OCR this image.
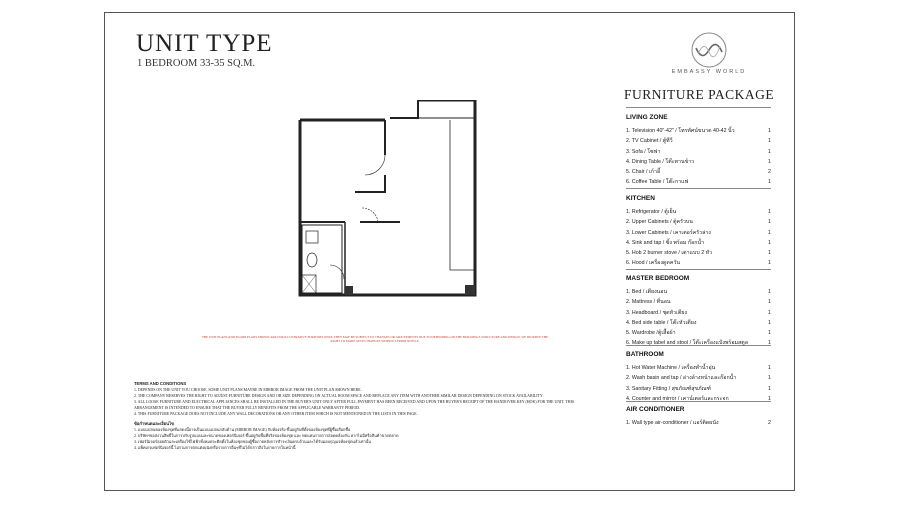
UNIT TYPE
1 BEDROOM 33-35 SQ.M.
EMBASSY WORLD
FURNITURE PACKAGE
LIVING ZONE
1. Television 40"-42" / โทรทัศน์ขนาด 40-42 นิ้ว	1
2. TV Cabinet / ตู้ทีวี	1
3. Sofa / โซฟา	1
4. Dining Table / โต๊ะทานข้าว	1
5. Chair / เก้าอี้	2
6. Coffee Table / โต๊ะกาแฟ	1
KITCHEN
1. Refrigerator / ตู้เย็น	1
2. Upper Cabinets / ตู้ครัวบน	1
3. Lower Cabinets / เคาเตอร์ครัวล่าง	1
4. Sink and tap / ซิ้ง พร้อม ก๊อกน้ำ	1
5. Hob 2 burner stove / เตาแบบ 2 หัว	1
6. Hood / เครื่องดูดควัน	1
MASTER BEDROOM
1. Bed / เตียงนอน	1
2. Mattress / ที่นอน	1
3. Headboard / ชุดหัวเตียง	1
4. Bed side table / โต๊ะหัวเตียง	1
5. Wardrobe /ตู้เสื้อผ้า	1
6. Make up tabel and stool / โต๊ะเครื่องแป้งพร้อมสตูล	1
BATHROOM
1. Hot Water Machine / เครื่องทำน้ำอุ่น	1
2. Wash basin and tap / อ่างล้างหน้าและก๊อกน้ำ	1
3. Sanitary Fitting / สุขภัณฑ์สุขภัณฑ์	1
4. Counter and mirror / เคาน์เตอร์และกระจก	1
AIR CONDITIONER
1. Wall type air-conditioner / แอร์ติดผนัง	2
THE UNIT PLANS AND FLOOR PLANS SHOWN ARE FOR ILLUSTRATIVE PURPOSES ONLY. THEY MAY BE SUBJECT TO CHANGES OR ADJUSTMENTS DUE TO DEPENDING ON THE BUILDING'S STRUCTURE AND DESIGN. WE RESERVE THE RIGHT TO MAKE SUCH CHANGES WITHOUT PRIOR NOTICE.
TERMS AND CONDITIONS
1. DEPENDS ON THE UNIT YOU CHOOSE, SOME UNIT PLANS MAYBE IN MIRROR IMAGE FROM THE UNIT PLAN SHOWN HERE.
2. THE COMPANY RESERVES THE RIGHT TO ADJUST FURNITURE DESIGN AND OR SIZE DEPENDING ON ACTUAL ROOM SPACE AND REPLACE ANY ITEM WITH ANOTHER SIMILAR DESIGN DEPENDING ON STOCK AVAILABILITY.
3. ALL LOOSE FURNITURE AND ELECTRICAL APPLIANCES SHALL BE INSTALLED IN THE BUYER'S UNIT ONLY AFTER FULL PAYMENT HAS BEEN RECEIVED AND UPON THE BUYER'S RECEIPT OF THE HANDOVER KEY (HOK) FOR THE UNIT. THIS ARRANGEMENT IS INTENDED TO ENSURE THAT THE BUYER FULLY BENEFITS FROM THE APPLICABLE WARRANTY PERIOD.
4. THIS FURNITURE PACKAGE DOES NOT INCLUDE ANY WALL DECORATIONS OR ANY OTHER ITEM WHICH IS NOT MENTIONED IN THE LISTS IN THIS PAGE.
ข้อกำหนดและเงื่อนไข
1. แบบแปลนของห้องชุดที่แสดงนี้อาจเป็นแบบแปลนกลับด้าน (MIRROR IMAGE) กับห้องจริง ขึ้นอยู่กับที่ตั้งของห้องชุดที่ผู้ซื้อเลือกซื้อ
2. บริษัทฯขอสงวนสิทธิ์ในการปรับรูปแบบและขนาดของเฟอร์นิเจอร์ ขึ้นอยู่กับพื้นที่จริงของห้องชุด และ ทดแทนรายการสอดคล้องกัน หากไม่มีหรือสินค้าขาดตลาด
3. เฟอร์นิเจอร์ลอยตัวและเครื่องใช้ไฟฟ้าทั้งหมดจะติดตั้งในห้องชุดของผู้ซื้อภายหลังการชำระเงินครบถ้วนและได้รับมอบกุญแจห้องชุดแล้วเท่านั้น
4. แพ็คเกจเฟอร์นิเจอร์นี้ ไม่รวมการตกแต่งผนังหรือรายการอื่นๆที่ไม่ได้กล่าวถึงในรายการในหน้านี้
